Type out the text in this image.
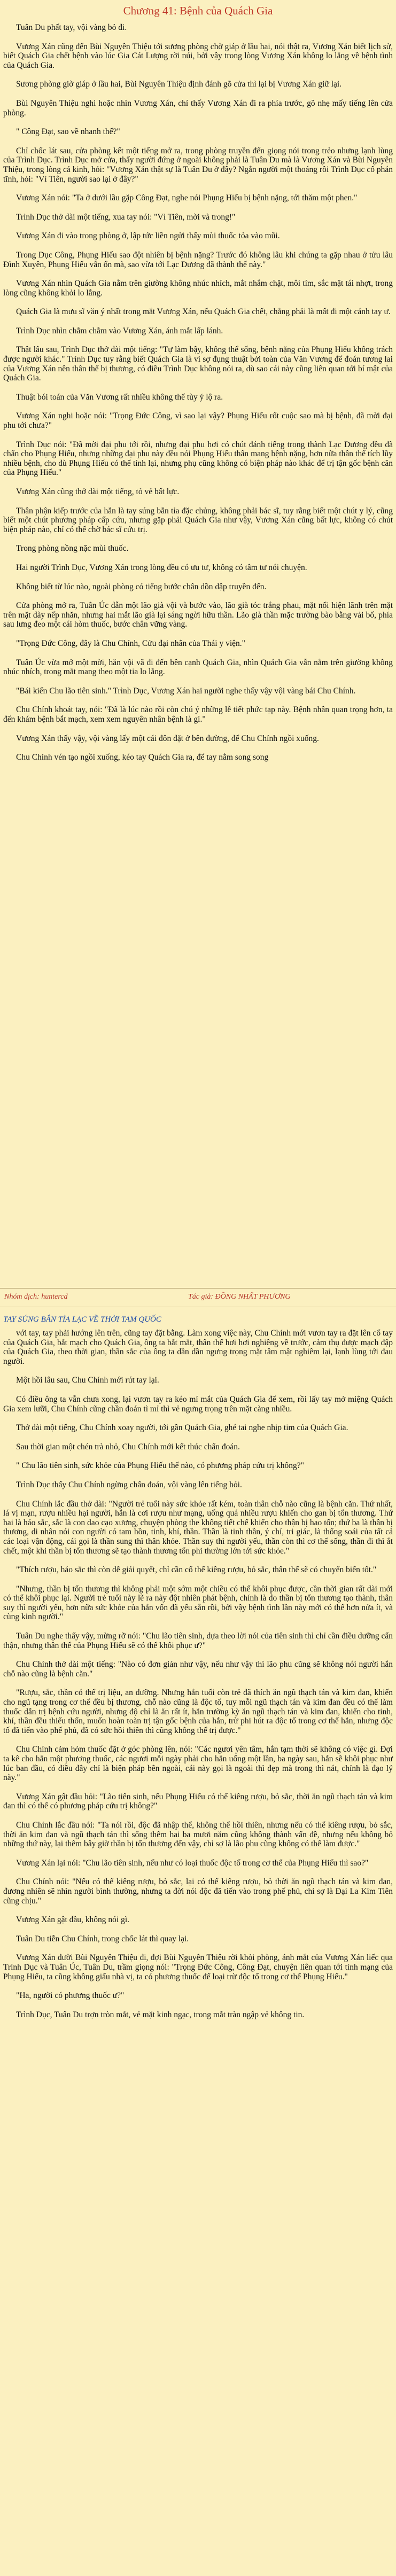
Chương 41: Bệnh của Quách Gia

Tuân Du phất tay, vội vàng bỏ đi.

Vương Xán cũng đến Bùi Nguyên Thiệu tới sương phòng chờ giáp ở lầu hai, nói thật ra, Vương Xán biết lịch sử, biết Quách Gia chết bệnh vào lúc Gia Cát Lượng rời núi, bởi vậy trong lòng Vương Xán không lo lắng về bệnh tình của Quách Gia.

Sương phòng giờ giáp ở lầu hai, Bùi Nguyên Thiệu định đánh gõ cửa thì lại bị Vương Xán giữ lại.

Bùi Nguyên Thiệu nghi hoặc nhìn Vương Xán, chỉ thấy Vương Xán đi ra phía trước, gõ nhẹ mấy tiếng lên cửa phòng.

" Công Đạt, sao về nhanh thế?"

Chỉ chốc lát sau, cửa phòng kết một tiếng mở ra, trong phòng truyền đến giọng nói trong trẻo nhưng lạnh lùng của Trình Dục. Trình Dục mở cửa, thấy người đứng ở ngoài không phải là Tuân Du mà là Vương Xán và Bùi Nguyên Thiệu, trong lòng cả kinh, hỏi: "Vương Xán thật sự là Tuân Du ở đây? Ngắn người một thoáng rồi Trình Dục cố phán tĩnh, hỏi: "Vì Tiên, người sao lại ở đây?"

Vương Xán nói: "Ta ở dưới lầu gặp Công Đạt, nghe nói Phụng Hiếu bị bệnh nặng, tới thăm một phen."

Trình Dục thở dài một tiếng, xua tay nói: "Vì Tiên, mời và trong!"

Vương Xán đi vào trong phòng ở, lập tức liền ngửi thấy mùi thuốc tỏa vào mũi.

Trong Dục Công, Phụng Hiếu sao đột nhiên bị bệnh nặng? Trước đó không lâu khi chúng ta gặp nhau ở tửu lâu Đình Xuyên, Phụng Hiếu vẫn ổn mà, sao vừa tới Lạc Dương đã thành thế này."

Vương Xán nhìn Quách Gia nằm trên giường không nhúc nhích, mắt nhắm chặt, môi tím, sắc mặt tái nhợt, trong lòng cũng không khỏi lo lắng.

Quách Gia là mưu sĩ văn ý nhất trong mắt Vương Xán, nếu Quách Gia chết, chẳng phải là mất đi một cánh tay ư.

Trình Dục nhìn chằm chằm vào Vương Xán, ánh mắt lấp lánh.

Thật lâu sau, Trình Dục thở dài một tiếng: "Tự làm bậy, không thể sống, bệnh nặng của Phụng Hiếu không trách được người khác." Trình Dục tuy rằng biết Quách Gia là vì sợ đụng thuật bởi toàn của Văn Vương để đoán tương lai của Vương Xán nên thân thể bị thương, có điều Trình Dục không nói ra, dù sao cái này cũng liên quan tới bí mật của Quách Gia.

Thuật bói toán của Văn Vương rất nhiều không thể tùy ý lộ ra.

Vương Xán nghi hoặc nói: "Trọng Đức Công, vì sao lại vậy? Phụng Hiếu rốt cuộc sao mà bị bệnh, đã mời đại phu tới chưa?"

Trình Dục nói: "Đã mời đại phu tới rồi, nhưng đại phu hơi có chút đánh tiếng trong thành Lạc Dương đều đã chẩn cho Phụng Hiếu, nhưng những đại phu này đều nói Phụng Hiếu thân mang bệnh nặng, hơn nữa thân thể tích lũy nhiều bệnh, cho dù Phụng Hiếu có thể tỉnh lại, nhưng phụ cũng không có biện pháp nào khác để trị tận gốc bệnh căn của Phụng Hiếu."

Vương Xán cũng thở dài một tiếng, tỏ vẻ bất lực.

Thân phận kiếp trước của hắn là tay súng bắn tỉa đặc chủng, không phải bác sĩ, tuy rằng biết một chút y lý, cũng biết một chút phương pháp cấp cứu, nhưng gặp phải Quách Gia như vậy, Vương Xán cũng bất lực, không có chút biện pháp nào, chỉ có thể chờ bác sĩ cứu trị.

Trong phòng nồng nặc mùi thuốc.

Hai người Trình Dục, Vương Xán trong lòng đều có ưu tư, không có tâm tư nói chuyện.

Không biết từ lúc nào, ngoài phòng có tiếng bước chân dồn dập truyền đến.

Cửa phòng mở ra, Tuân Úc dẫn một lão già vội và bước vào, lão già tóc trắng phau, mặt nổi hiện lãnh trên mặt trên mặt dày nếp nhăn, nhưng hai mắt lão già lại sáng ngời hữu thần. Lão già thần mặc trường bào bằng vải bố, phía sau lưng đeo một cái hòm thuốc, bước chân vững vàng.

"Trọng Đức Công, đây là Chu Chính, Cửu đại nhân của Thái y viện."

Tuân Úc vừa mở một mời, hăn vội vã đi đến bên cạnh Quách Gia, nhìn Quách Gia vẫn nằm trên giường không nhúc nhích, trong mắt mang theo một tia lo lắng.

"Bái kiến Chu lão tiên sinh." Trình Dục, Vương Xán hai người nghe thấy vậy vội vàng bái Chu Chính.

Chu Chính khoát tay, nói: "Đã là lúc nào rồi còn chú ý những lễ tiết phức tạp này. Bệnh nhân quan trọng hơn, ta đến khám bệnh bắt mạch, xem xem nguyên nhân bệnh là gì."

Vương Xán thấy vậy, vội vàng lấy một cái đôn đặt ở bên đường, để Chu Chính ngồi xuống.

Chu Chính vén tạo ngồi xuống, kéo tay Quách Gia ra, để tay nằm song song

Nhóm dịch: huntercd	Tác giả: ĐỒNG NHẤT PHƯƠNG
TAY SÚNG BẮN TỈA LẠC VỀ THỜI TAM QUỐC

với tay, tay phải hướng lên trên, cũng tay đặt bằng. Làm xong việc này, Chu Chính mới vươn tay ra đặt lên cổ tay của Quách Gia, bắt mạch cho Quách Gia, ông ta bắt mắt, thân thể hơi hơi nghiêng về trước, cảm thụ được mạch đập của Quách Gia, theo thời gian, thần sắc của ông ta dần dần ngưng trọng mặt tâm mật nghiêm lại, lạnh lùng tới đau người.

Một hồi lâu sau, Chu Chính mới rút tay lại.

Có điều ông ta vẫn chưa xong, lại vươn tay ra kéo mí mắt của Quách Gia để xem, rồi lấy tay mở miệng Quách Gia xem lưỡi, Chu Chính cũng chần đoán tì mỉ thì vẻ ngưng trọng trên mặt càng nhiều.

Thở dài một tiếng, Chu Chính xoay người, tới gần Quách Gia, ghé tai nghe nhịp tim của Quách Gia.

Sau thời gian một chén trà nhỏ, Chu Chính mới kết thúc chẩn đoán.

" Chu lão tiên sinh, sức khỏe của Phụng Hiếu thế nào, có phương pháp cứu trị không?"

Trình Dục thấy Chu Chính ngừng chẩn đoán, vội vàng lên tiếng hỏi.

Chu Chính lắc đầu thở dài: "Người trẻ tuổi này sức khỏe rất kém, toàn thân chỗ nào cũng là bệnh căn. Thứ nhất, lá vị mạn, rượu nhiều hại người, hắn là cơi rượu như mạng, uống quá nhiều rượu khiến cho gan bị tổn thương. Thứ hai là háo sắc, sắc là con dao cạo xương, chuyện phòng the không tiết chế khiến cho thận bị hao tổn; thứ ba là thân bị thương, di nhân nói con người có tam hồn, tinh, khí, thần. Thần là tinh thần, ý chí, tri giác, là thống soái của tất cả các loại vận động, cái gọi là thần sung thì thân khỏe. Thần suy thì người yếu, thần còn thì cơ thể sống, thần đi thì ắt chết, một khi thần bị tổn thương sẽ tạo thành thương tổn phi thường lớn tới sức khỏe."

"Thích rượu, háo sắc thì còn dễ giải quyết, chỉ cần cố thể kiêng rượu, bỏ sắc, thân thể sẽ có chuyển biến tốt."

"Nhưng, thần bị tổn thương thì không phải một sớm một chiều có thể khôi phục được, cần thời gian rất dài mới có thể khôi phục lại. Người trẻ tuổi này lẽ ra này đột nhiên phát bệnh, chính là do thần bị tổn thương tạo thành, thân suy thì người yếu, hơn nữa sức khỏe của hắn vốn đã yếu sẵn rồi, bởi vậy bệnh tình lần này mới có thể hơn nửa ít, và cùng kinh người."

Tuân Du nghe thấy vậy, mừng rỡ nói: "Chu lão tiên sinh, dựa theo lời nói của tiên sinh thì chỉ cần điều dưỡng cẩn thận, nhưng thân thể của Phụng Hiếu sẽ có thể khôi phục ư?"

Chu Chính thở dài một tiếng: "Nào có đơn giản như vậy, nếu như vậy thì lão phu cũng sẽ không nói người hắn chỗ nào cũng là bệnh căn."

"Rượu, sắc, thần có thể trị liệu, an dưỡng. Nhưng hắn tuổi còn trẻ đã thích ăn ngũ thạch tán và kim đan, khiến cho ngũ tạng trong cơ thể đều bị thương, chỗ nào cũng là độc tố, tuy mỗi ngũ thạch tán và kim đan đều có thể làm thuốc dẫn trị bệnh cứu người, nhưng độ chỉ là ăn rất ít, hắn trường kỳ ăn ngũ thạch tán và kim đan, khiến cho tinh, khí, thần đều thiếu thốn, muốn hoàn toàn trị tận gốc bệnh của hắn, trừ phi hút ra độc tố trong cơ thể hắn, nhưng độc tố đã tiến vào phế phủ, đã có sức hồi thiên thì cũng không thể trị được."

Chu Chính cảm hỏm thuốc đặt ở góc phòng lên, nói: "Các ngươi yên tâm, hắn tạm thời sẽ không có việc gì. Đợi ta kê cho hắn một phương thuốc, các ngươi mỗi ngày phải cho hắn uống một lần, ba ngày sau, hắn sẽ khôi phục như lúc ban đầu, có điều đây chỉ là biện pháp bên ngoài, cái này gọi là ngoài thì đẹp mà trong thì nát, chính là đạo lý này."

Vương Xán gật đầu hỏi: "Lão tiên sinh, nếu Phụng Hiếu có thể kiêng rượu, bỏ sắc, thời ăn ngũ thạch tán và kim đan thì có thể có phương pháp cứu trị không?"

Chu Chính lắc đầu nói: "Ta nói rồi, độc đã nhập thể, không thể hồi thiên, nhưng nếu có thể kiêng rượu, bỏ sắc, thời ăn kim đan và ngũ thạch tán thì sống thêm hai ba mươi năm cũng không thành vấn đề, nhưng nếu không bỏ những thứ này, lại thêm bây giờ thần bị tổn thương đến vậy, chỉ sợ là lão phu cũng không có thể làm được."

Vương Xán lại nói: "Chu lão tiên sinh, nếu như có loại thuốc độc tố trong cơ thể của Phụng Hiếu thì sao?"

Chu Chính nói: "Nếu có thể kiêng rượu, bỏ sắc, lại có thể kiêng rượu, bỏ thời ăn ngũ thạch tán và kim đan, đương nhiên sẽ nhìn người bình thường, nhưng ta đời nói độc đã tiến vào trong phế phủ, chỉ sợ là Đại La Kim Tiên cũng chịu."

Vương Xán gật đầu, không nói gì.

Tuân Du tiễn Chu Chính, trong chốc lát thì quay lại.

Vương Xán dười Bùi Nguyên Thiệu đi, đợi Bùi Nguyên Thiệu rời khỏi phòng, ánh mắt của Vương Xán liếc qua Trình Dục và Tuân Úc, Tuân Du, trầm giọng nói: "Trọng Đức Công, Công Đạt, chuyện liên quan tới tính mạng của Phụng Hiếu, ta cũng không giấu nhà vị, ta có phương thuốc để loại trừ độc tố trong cơ thể Phụng Hiếu."

"Ha, người có phương thuốc ư?"

Trình Dục, Tuân Du trợn tròn mắt, vẻ mặt kinh ngạc, trong mắt tràn ngập vẻ không tin.
